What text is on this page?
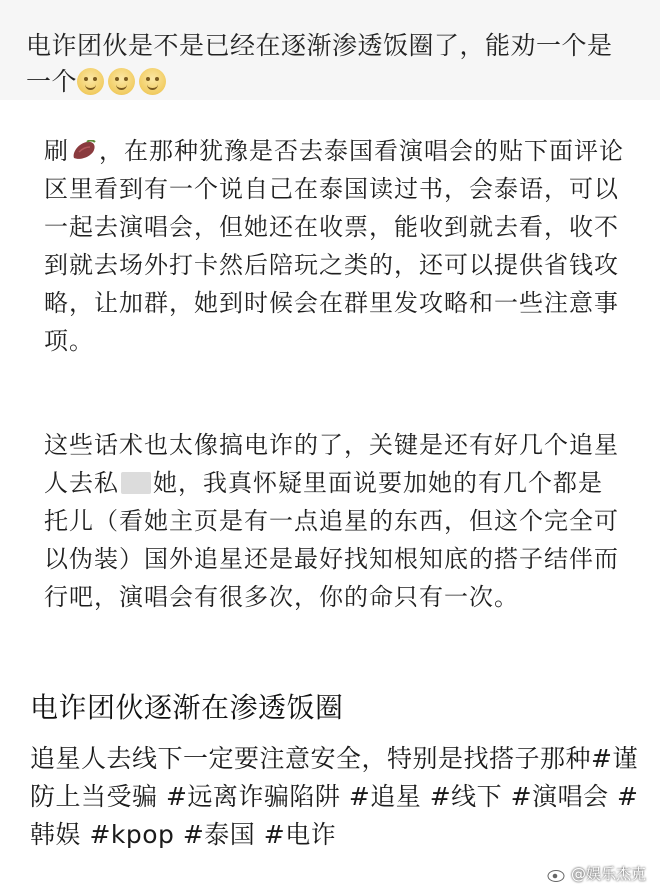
电诈团伙是不是已经在逐渐渗透饭圈了，能劝一个是一个
刷 ，在那种犹豫是否去泰国看演唱会的贴下面评论区里看到有一个说自己在泰国读过书，会泰语，可以一起去演唱会，但她还在收票，能收到就去看，收不到就去场外打卡然后陪玩之类的，还可以提供省钱攻略，让加群，她到时候会在群里发攻略和一些注意事项。
这些话术也太像搞电诈的了，关键是还有好几个追星人去私 她，我真怀疑里面说要加她的有几个都是托儿（看她主页是有一点追星的东西，但这个完全可以伪装）国外追星还是最好找知根知底的搭子结伴而行吧，演唱会有很多次，你的命只有一次。
电诈团伙逐渐在渗透饭圈
追星人去线下一定要注意安全，特别是找搭子那种#谨防上当受骗 #远离诈骗陷阱 #追星 #线下 #演唱会 #韩娱 #kpop #泰国 #电诈
@娱乐杰克
